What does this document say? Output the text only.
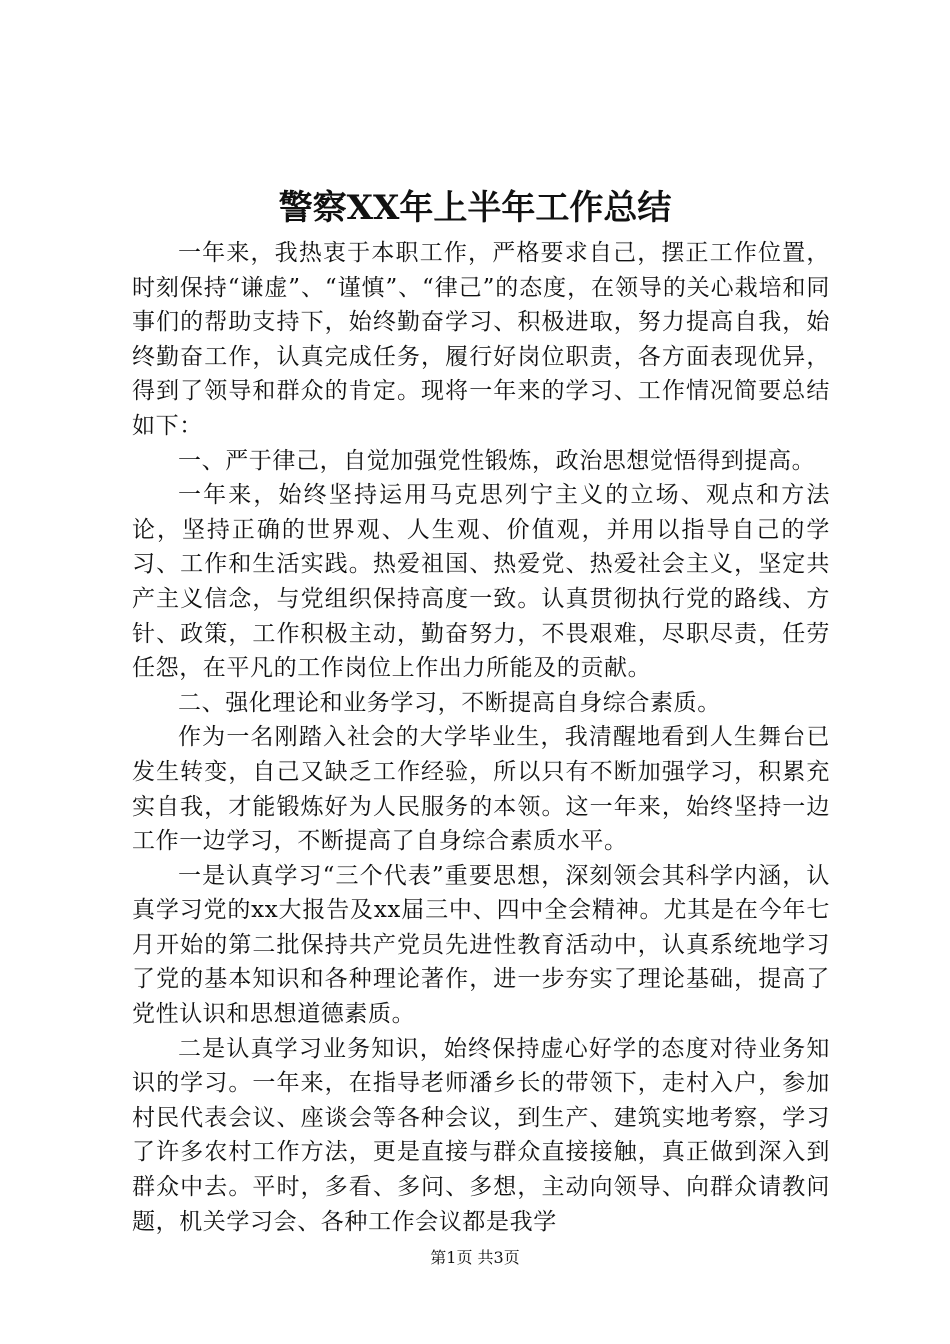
警察XX年上半年工作总结

一年来，我热衷于本职工作，严格要求自己，摆正工作位置，时刻保持“谦虚”、“谨慎”、“律己”的态度，在领导的关心栽培和同事们的帮助支持下，始终勤奋学习、积极进取，努力提高自我，始终勤奋工作，认真完成任务，履行好岗位职责，各方面表现优异，得到了领导和群众的肯定。现将一年来的学习、工作情况简要总结如下：

一、严于律己，自觉加强党性锻炼，政治思想觉悟得到提高。

一年来，始终坚持运用马克思列宁主义的立场、观点和方法论，坚持正确的世界观、人生观、价值观，并用以指导自己的学习、工作和生活实践。热爱祖国、热爱党、热爱社会主义，坚定共产主义信念，与党组织保持高度一致。认真贯彻执行党的路线、方针、政策，工作积极主动，勤奋努力，不畏艰难，尽职尽责，任劳任怨，在平凡的工作岗位上作出力所能及的贡献。

二、强化理论和业务学习，不断提高自身综合素质。

作为一名刚踏入社会的大学毕业生，我清醒地看到人生舞台已发生转变，自己又缺乏工作经验，所以只有不断加强学习，积累充实自我，才能锻炼好为人民服务的本领。这一年来，始终坚持一边工作一边学习，不断提高了自身综合素质水平。

一是认真学习“三个代表”重要思想，深刻领会其科学内涵，认真学习党的xx大报告及xx届三中、四中全会精神。尤其是在今年七月开始的第二批保持共产党员先进性教育活动中，认真系统地学习了党的基本知识和各种理论著作，进一步夯实了理论基础，提高了党性认识和思想道德素质。

二是认真学习业务知识，始终保持虚心好学的态度对待业务知识的学习。一年来，在指导老师潘乡长的带领下，走村入户，参加村民代表会议、座谈会等各种会议，到生产、建筑实地考察，学习了许多农村工作方法，更是直接与群众直接接触，真正做到深入到群众中去。平时，多看、多问、多想，主动向领导、向群众请教问题，机关学习会、各种工作会议都是我学

第1页 共3页
